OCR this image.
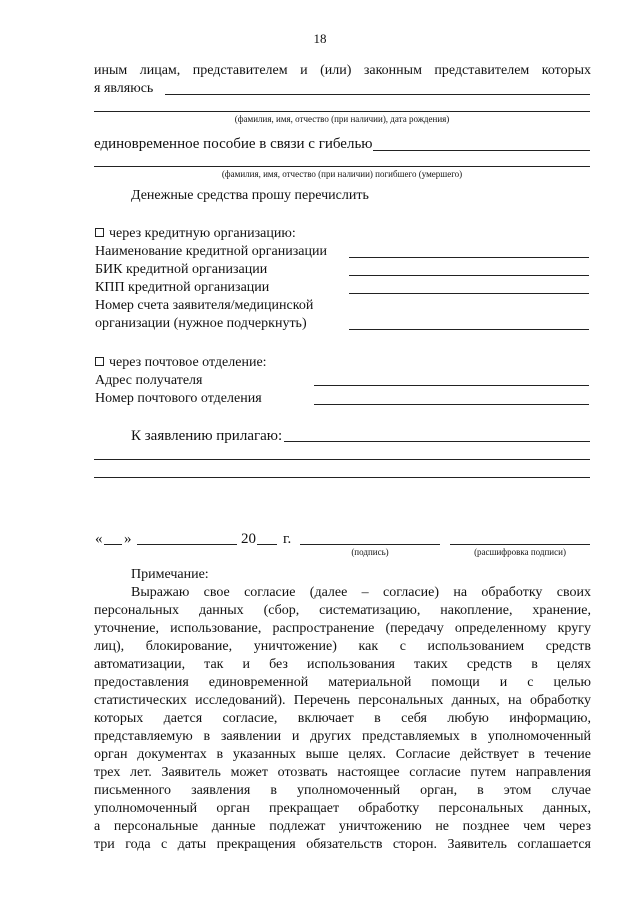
18
иным лицам, представителем и (или) законным представителем которых
я являюсь
(фамилия, имя, отчество (при наличии), дата рождения)
единовременное пособие в связи с гибелью
(фамилия, имя, отчество (при наличии) погибшего (умершего)
Денежные средства прошу перечислить
через кредитную организацию:
Наименование кредитной организации
БИК кредитной организации
КПП кредитной организации
Номер счета заявителя/медицинской
организации (нужное подчеркнуть)
через почтовое отделение:
Адрес получателя
Номер почтового отделения
К заявлению прилагаю:
« »	20 г.
(подпись)	(расшифровка подписи)
Примечание:
Выражаю свое согласие (далее – согласие) на обработку своих
персональных данных (сбор, систематизацию, накопление, хранение,
уточнение, использование, распространение (передачу определенному кругу
лиц), блокирование, уничтожение) как с использованием средств
автоматизации, так и без использования таких средств в целях
предоставления единовременной материальной помощи и с целью
статистических исследований). Перечень персональных данных, на обработку
которых дается согласие, включает в себя любую информацию,
представляемую в заявлении и других представляемых в уполномоченный
орган документах в указанных выше целях. Согласие действует в течение
трех лет. Заявитель может отозвать настоящее согласие путем направления
письменного заявления в уполномоченный орган, в этом случае
уполномоченный орган прекращает обработку персональных данных,
а персональные данные подлежат уничтожению не позднее чем через
три года с даты прекращения обязательств сторон. Заявитель соглашается
